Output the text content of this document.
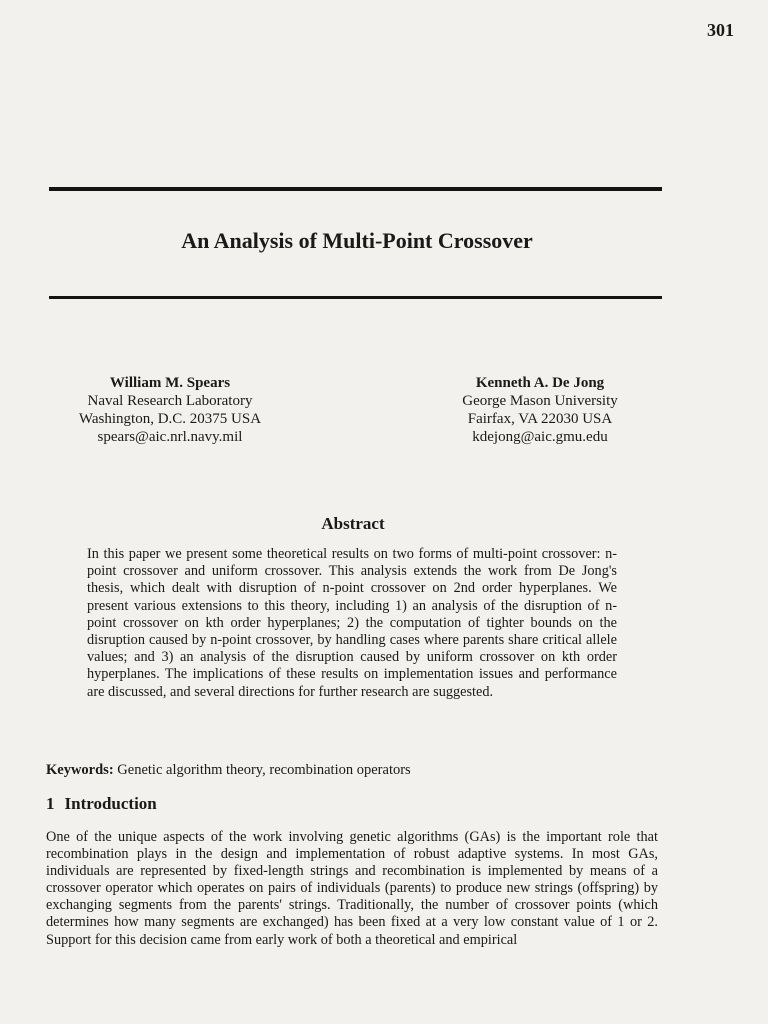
301
An Analysis of Multi-Point Crossover
William M. Spears
Naval Research Laboratory
Washington, D.C. 20375 USA
spears@aic.nrl.navy.mil
Kenneth A. De Jong
George Mason University
Fairfax, VA 22030 USA
kdejong@aic.gmu.edu
Abstract
In this paper we present some theoretical results on two forms of multi-point crossover: n-point crossover and uniform crossover. This analysis extends the work from De Jong's thesis, which dealt with disruption of n-point crossover on 2nd order hyperplanes. We present various extensions to this theory, including 1) an analysis of the disruption of n-point crossover on kth order hyperplanes; 2) the computation of tighter bounds on the disruption caused by n-point crossover, by handling cases where parents share critical allele values; and 3) an analysis of the disruption caused by uniform crossover on kth order hyperplanes. The implications of these results on implementation issues and performance are discussed, and several directions for further research are suggested.
Keywords: Genetic algorithm theory, recombination operators
1 Introduction
One of the unique aspects of the work involving genetic algorithms (GAs) is the important role that recombination plays in the design and implementation of robust adaptive systems. In most GAs, individuals are represented by fixed-length strings and recombination is implemented by means of a crossover operator which operates on pairs of individuals (parents) to produce new strings (offspring) by exchanging segments from the parents' strings. Traditionally, the number of crossover points (which determines how many segments are exchanged) has been fixed at a very low constant value of 1 or 2. Support for this decision came from early work of both a theoretical and empirical
